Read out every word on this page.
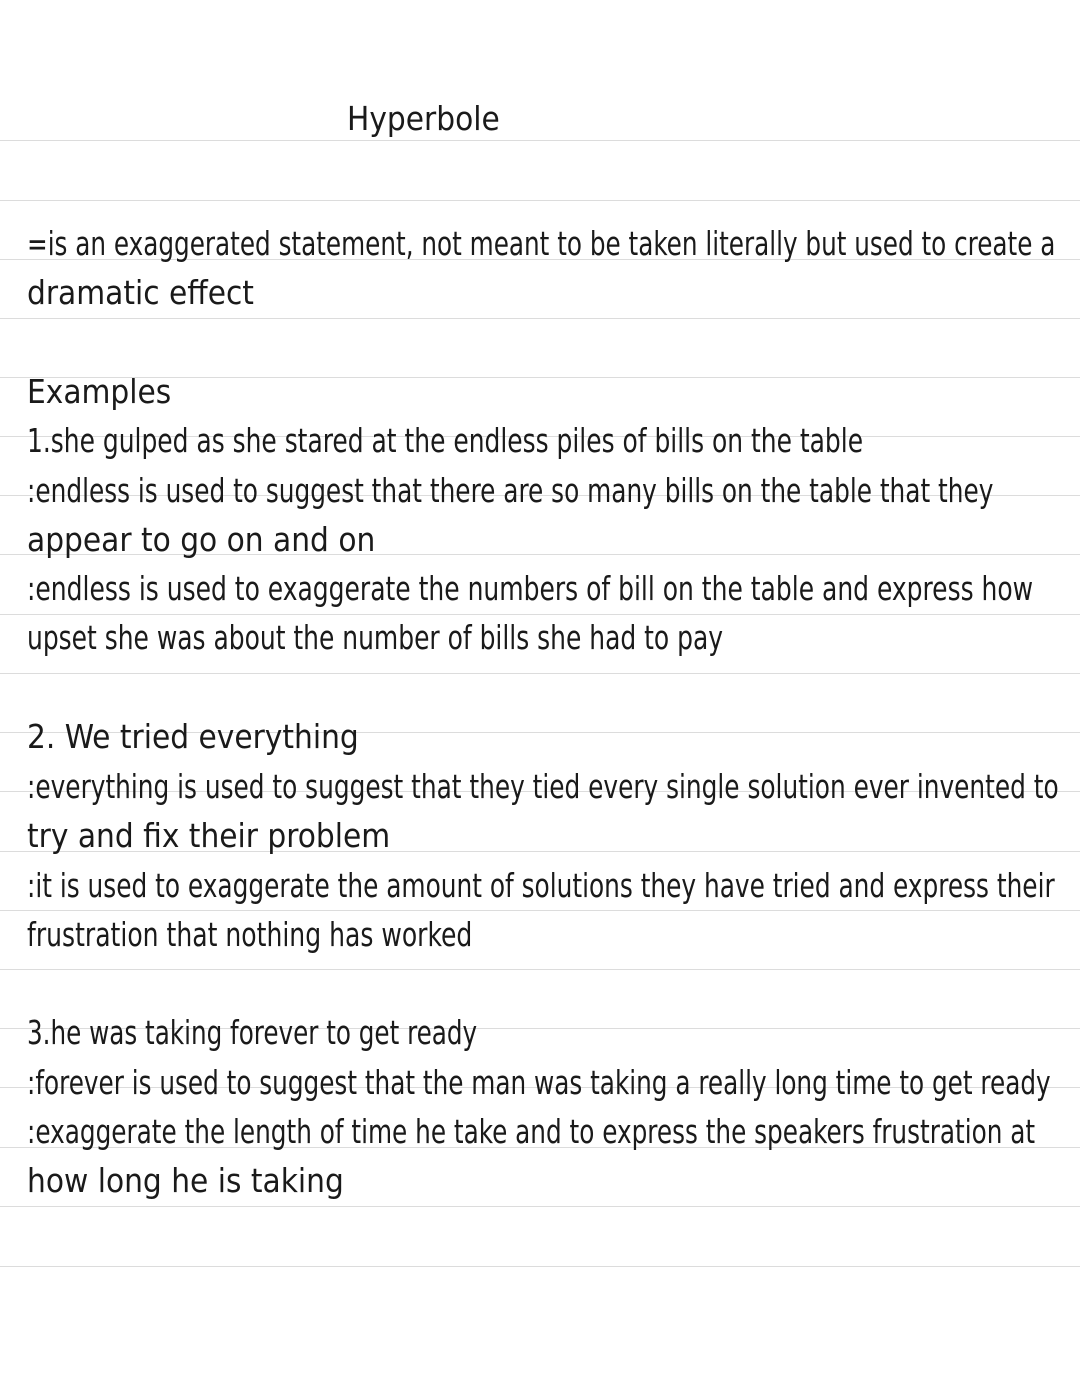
Hyperbole
=is an exaggerated statement, not meant to be taken literally but used to create a
dramatic effect
Examples
1.she gulped as she stared at the endless piles of bills on the table
:endless is used to suggest that there are so many bills on the table that they
appear to go on and on
:endless is used to exaggerate the numbers of bill on the table and express how
upset she was about the number of bills she had to pay
2. We tried everything
:everything is used to suggest that they tied every single solution ever invented to
try and fix their problem
:it is used to exaggerate the amount of solutions they have tried and express their
frustration that nothing has worked
3.he was taking forever to get ready
:forever is used to suggest that the man was taking a really long time to get ready
:exaggerate the length of time he take and to express the speakers frustration at
how long he is taking
